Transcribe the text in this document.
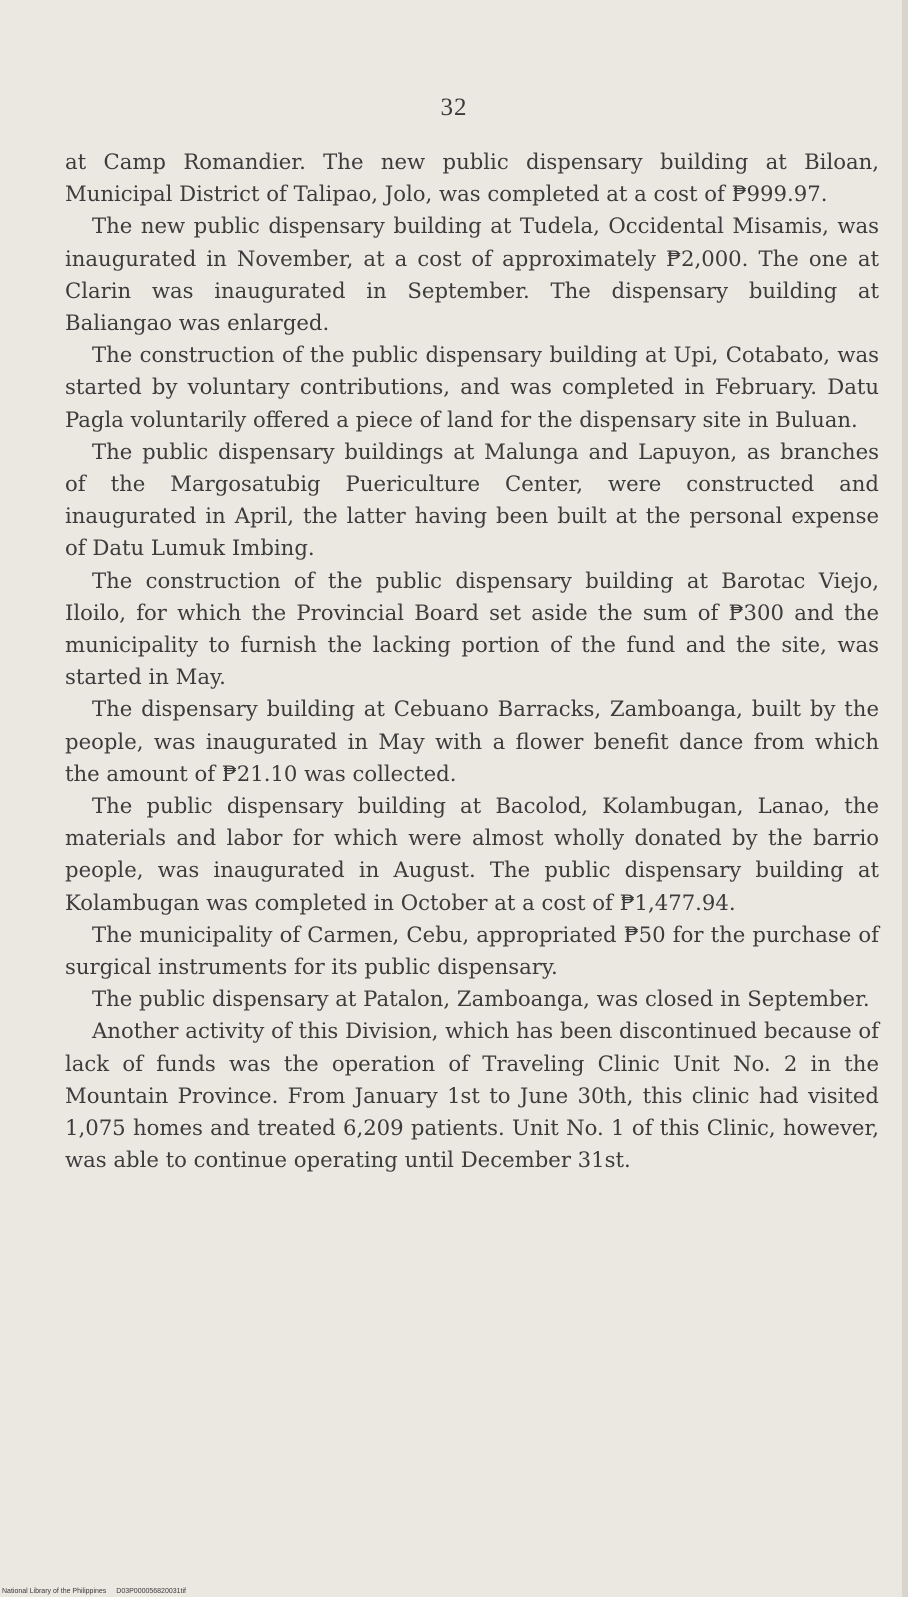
32

at Camp Romandier. The new public dispensary building at Biloan, Municipal District of Talipao, Jolo, was completed at a cost of ₱999.97.

The new public dispensary building at Tudela, Occidental Misamis, was inaugurated in November, at a cost of approximately ₱2,000. The one at Clarin was inaugurated in September. The dispensary building at Baliangao was enlarged.

The construction of the public dispensary building at Upi, Cotabato, was started by voluntary contributions, and was completed in February. Datu Pagla voluntarily offered a piece of land for the dispensary site in Buluan.

The public dispensary buildings at Malunga and Lapuyon, as branches of the Margosatubig Puericulture Center, were constructed and inaugurated in April, the latter having been built at the personal expense of Datu Lumuk Imbing.

The construction of the public dispensary building at Barotac Viejo, Iloilo, for which the Provincial Board set aside the sum of ₱300 and the municipality to furnish the lacking portion of the fund and the site, was started in May.

The dispensary building at Cebuano Barracks, Zamboanga, built by the people, was inaugurated in May with a flower benefit dance from which the amount of ₱21.10 was collected.

The public dispensary building at Bacolod, Kolambugan, Lanao, the materials and labor for which were almost wholly donated by the barrio people, was inaugurated in August. The public dispensary building at Kolambugan was completed in October at a cost of ₱1,477.94.

The municipality of Carmen, Cebu, appropriated ₱50 for the purchase of surgical instruments for its public dispensary.

The public dispensary at Patalon, Zamboanga, was closed in September.

Another activity of this Division, which has been discontinued because of lack of funds was the operation of Traveling Clinic Unit No. 2 in the Mountain Province. From January 1st to June 30th, this clinic had visited 1,075 homes and treated 6,209 patients. Unit No. 1 of this Clinic, however, was able to continue operating until December 31st.

National Library of the Philippines D03P000056820031tif
